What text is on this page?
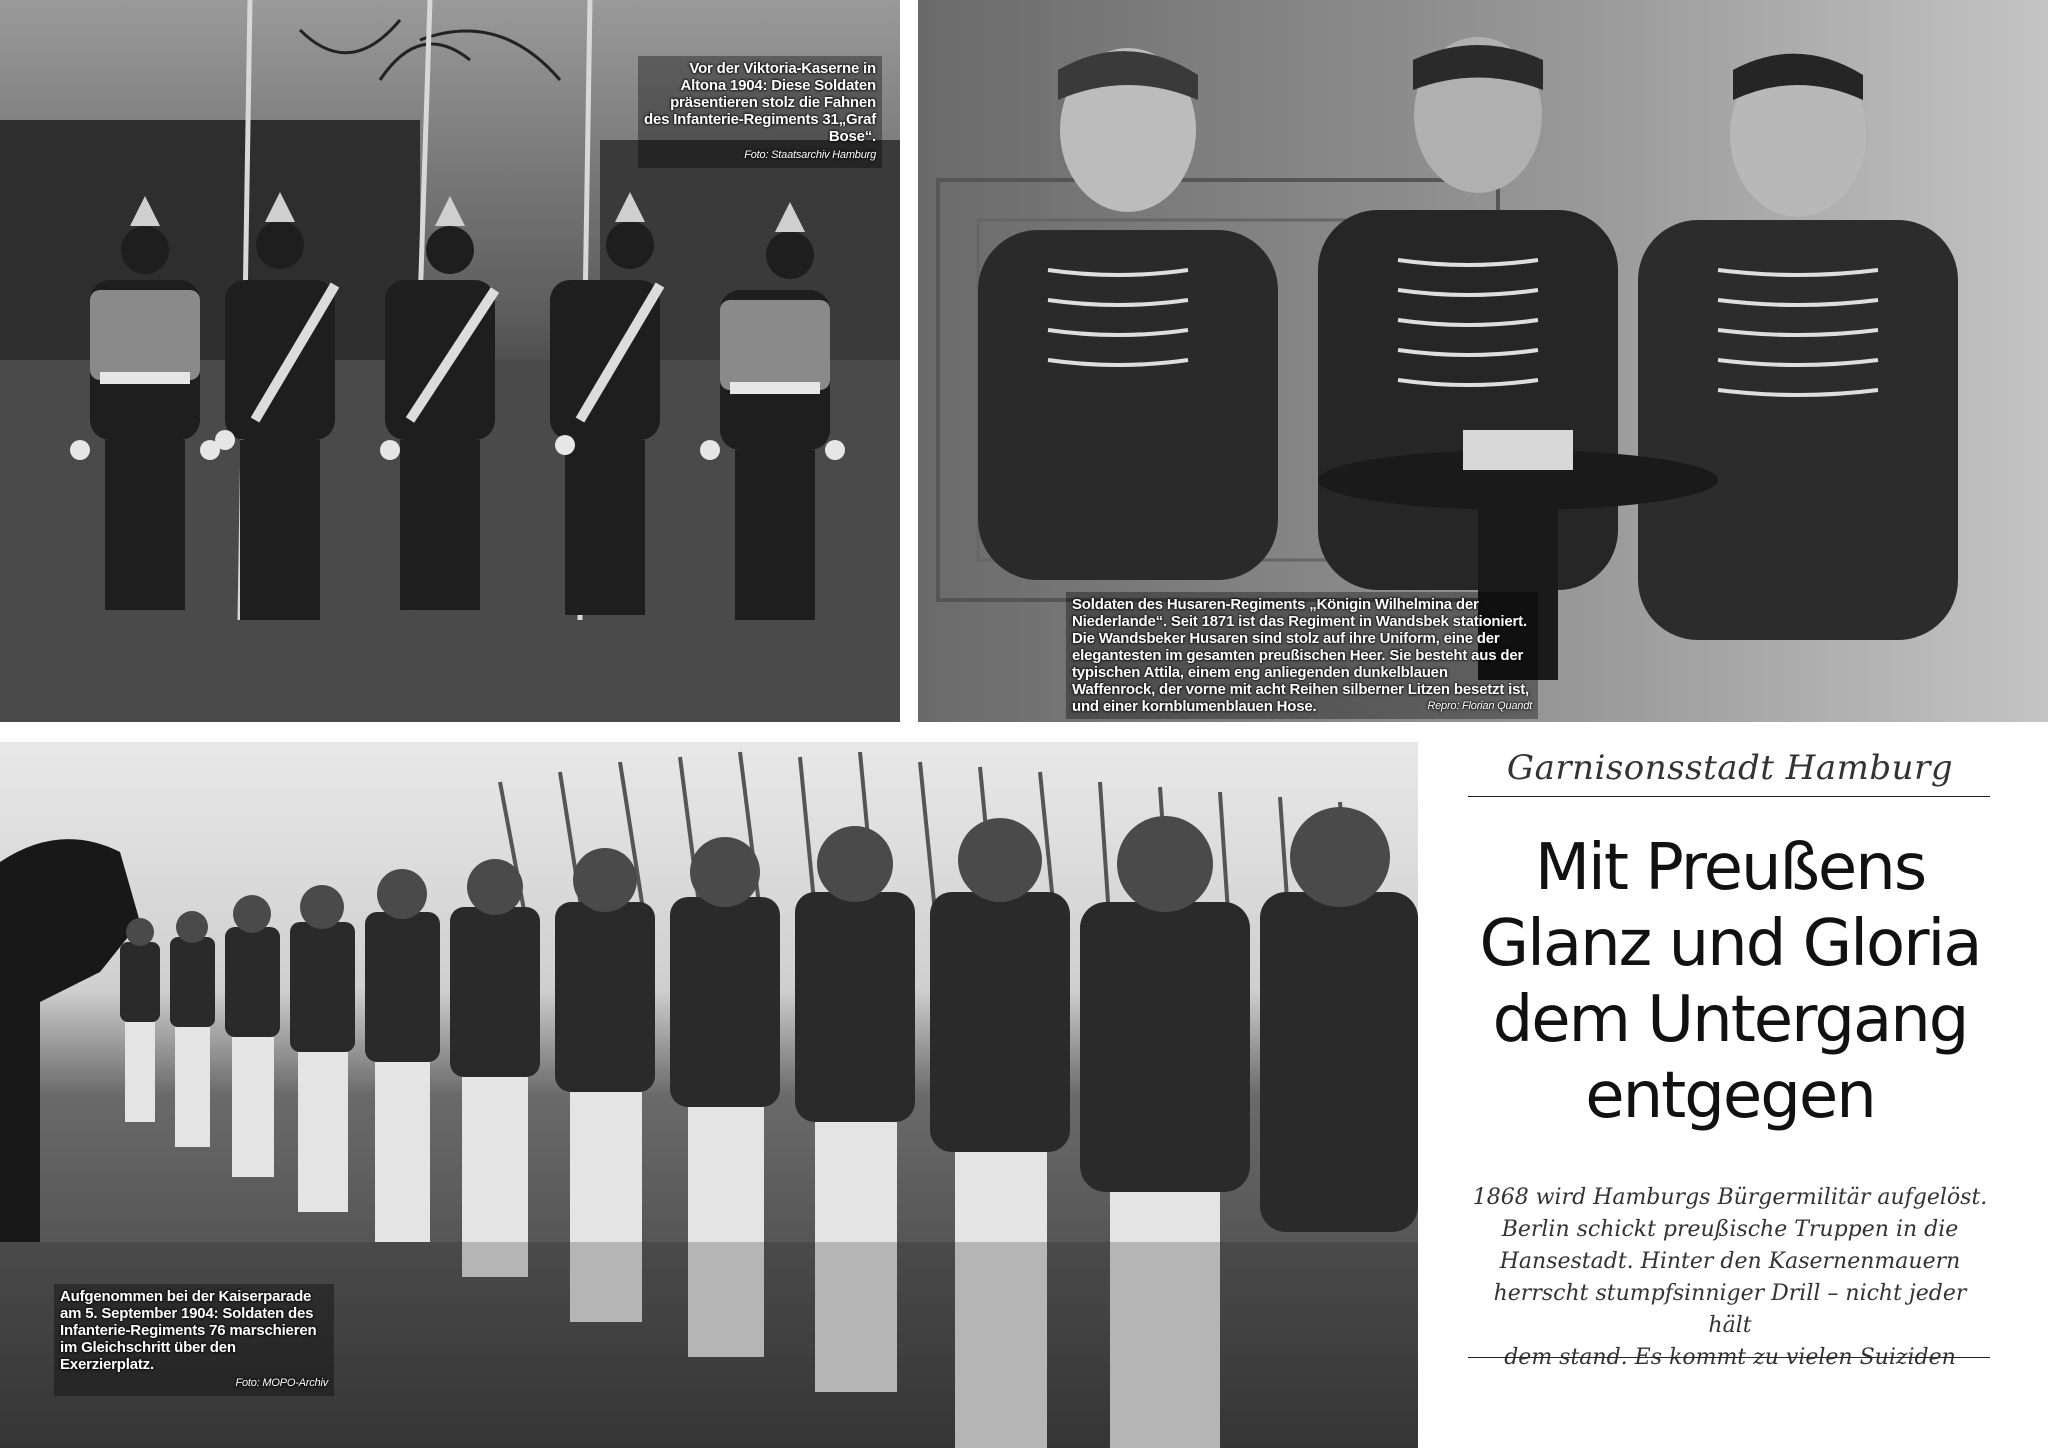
Vor der Viktoria-Kaserne in Altona 1904: Diese Soldaten präsentieren stolz die Fahnen des Infanterie-Regiments 31„Graf Bose“.
Foto: Staatsarchiv Hamburg
Soldaten des Husaren-Regiments „Königin Wilhelmina der Niederlande“. Seit 1871 ist das Regiment in Wandsbek stationiert. Die Wandsbeker Husaren sind stolz auf ihre Uniform, eine der elegantesten im gesamten preußischen Heer. Sie besteht aus der typischen Attila, einem eng anliegenden dunkelblauen Waffenrock, der vorne mit acht Reihen silberner Litzen besetzt ist, und einer kornblumenblauen Hose.	Repro: Florian Quandt
Aufgenommen bei der Kaiserparade am 5. September 1904: Soldaten des Infanterie-Regiments 76 marschieren im Gleichschritt über den Exerzierplatz.
Foto: MOPO-Archiv
Garnisonsstadt Hamburg
Mit Preußens
Glanz und Gloria
dem Untergang
entgegen
1868 wird Hamburgs Bürgermilitär aufgelöst.
Berlin schickt preußische Truppen in die
Hansestadt. Hinter den Kasernenmauern
herrscht stumpfsinniger Drill – nicht jeder hält
dem stand. Es kommt zu vielen Suiziden
